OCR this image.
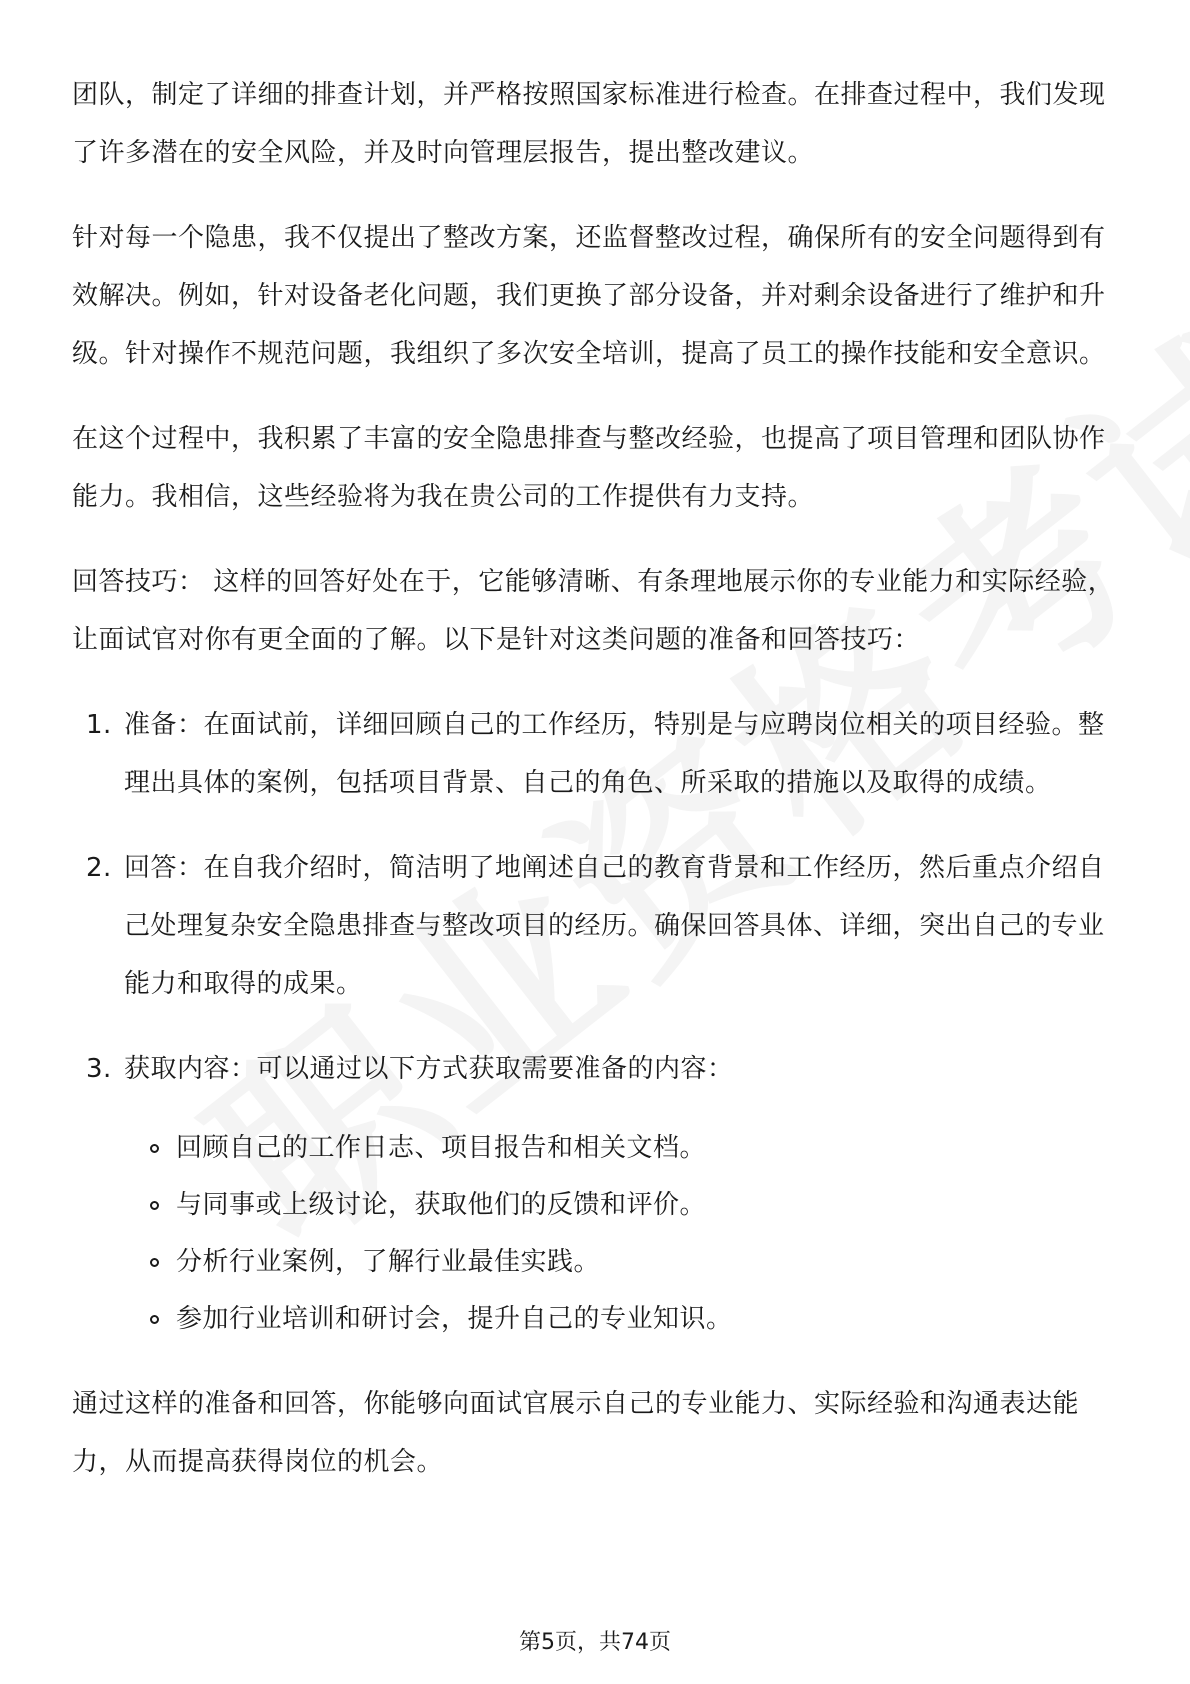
团队，制定了详细的排查计划，并严格按照国家标准进行检查。在排查过程中，我们发现了许多潜在的安全风险，并及时向管理层报告，提出整改建议。

针对每一个隐患，我不仅提出了整改方案，还监督整改过程，确保所有的安全问题得到有效解决。例如，针对设备老化问题，我们更换了部分设备，并对剩余设备进行了维护和升级。针对操作不规范问题，我组织了多次安全培训，提高了员工的操作技能和安全意识。

在这个过程中，我积累了丰富的安全隐患排查与整改经验，也提高了项目管理和团队协作能力。我相信，这些经验将为我在贵公司的工作提供有力支持。

回答技巧： 这样的回答好处在于，它能够清晰、有条理地展示你的专业能力和实际经验，让面试官对你有更全面的了解。以下是针对这类问题的准备和回答技巧：

1. 准备：在面试前，详细回顾自己的工作经历，特别是与应聘岗位相关的项目经验。整理出具体的案例，包括项目背景、自己的角色、所采取的措施以及取得的成绩。
2. 回答：在自我介绍时，简洁明了地阐述自己的教育背景和工作经历，然后重点介绍自己处理复杂安全隐患排查与整改项目的经历。确保回答具体、详细，突出自己的专业能力和取得的成果。
3. 获取内容：可以通过以下方式获取需要准备的内容：
回顾自己的工作日志、项目报告和相关文档。
与同事或上级讨论，获取他们的反馈和评价。
分析行业案例，了解行业最佳实践。
参加行业培训和研讨会，提升自己的专业知识。

通过这样的准备和回答，你能够向面试官展示自己的专业能力、实际经验和沟通表达能力，从而提高获得岗位的机会。

第5页，共74页
